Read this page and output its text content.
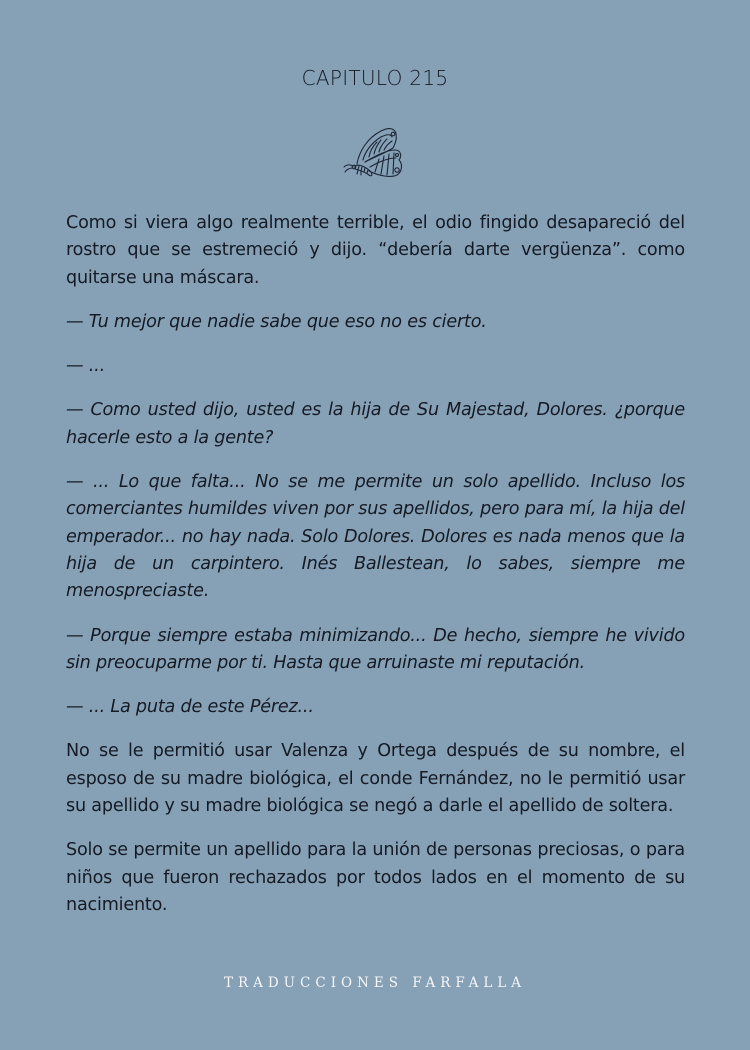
CAPITULO 215

Como si viera algo realmente terrible, el odio fingido desapareció del rostro que se estremeció y dijo. “debería darte vergüenza”. como quitarse una máscara.

— Tu mejor que nadie sabe que eso no es cierto.

— ...

— Como usted dijo, usted es la hija de Su Majestad, Dolores. ¿porque hacerle esto a la gente?

— ... Lo que falta... No se me permite un solo apellido. Incluso los comerciantes humildes viven por sus apellidos, pero para mí, la hija del emperador... no hay nada. Solo Dolores. Dolores es nada menos que la hija de un carpintero. Inés Ballestean, lo sabes, siempre me menospreciaste.

— Porque siempre estaba minimizando... De hecho, siempre he vivido sin preocuparme por ti. Hasta que arruinaste mi reputación.

— ... La puta de este Pérez...

No se le permitió usar Valenza y Ortega después de su nombre, el esposo de su madre biológica, el conde Fernández, no le permitió usar su apellido y su madre biológica se negó a darle el apellido de soltera.

Solo se permite un apellido para la unión de personas preciosas, o para niños que fueron rechazados por todos lados en el momento de su nacimiento.

TRADUCCIONES FARFALLA
